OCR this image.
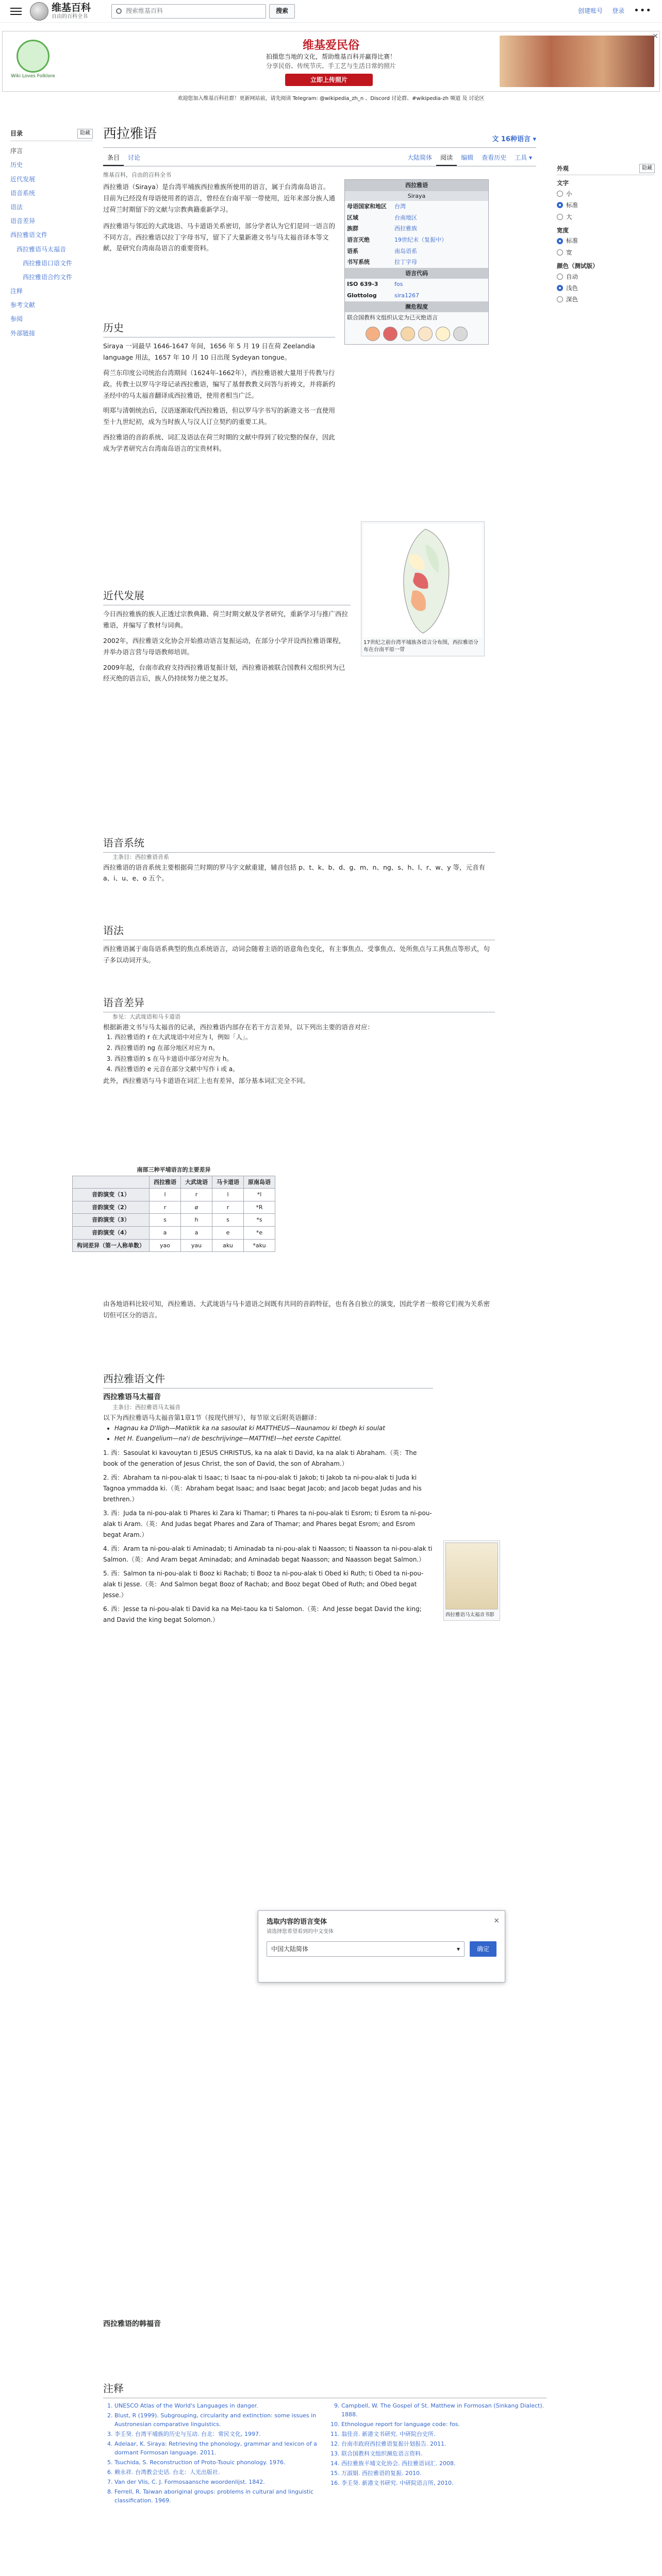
维基百科
自由的百科全书
搜索维基百科	搜索	创建账号 登录 •••
Wiki Loves Folklore
维基爱民俗
拍摄您当地的文化，帮助维基百科并赢得比赛！
分享民俗、传统节庆、手工艺与生活日常的照片
立即上传照片
×
欢迎您加入维基百科社群！更新网站前，请先阅读 Telegram: @wikipedia_zh_n 、Discord 讨论群、#wikipedia-zh 频道 及 讨论区
目录	隐藏
序言
历史
近代发展
语音系统
语法
语音差异
西拉雅语文件
西拉雅语马太福音
西拉雅语口语文件
西拉雅语合约文件
注释
参考文献
参阅
外部链接
西拉雅语	文 16种语言 ▾
条目	讨论	大陆简体	阅读	编辑	查看历史	工具 ▾
维基百科，自由的百科全书

西拉雅语（Siraya）是台湾平埔族西拉雅族所使用的语言，属于台湾南岛语言。目前为已经没有母语使用者的语言，曾经在台南平原一带使用，近年来部分族人通过荷兰时期留下的文献与宗教典籍重新学习。

西拉雅语与邻近的大武垅语、马卡道语关系密切，部分学者认为它们是同一语言的不同方言。西拉雅语以拉丁字母书写，留下了大量新港文书与马太福音译本等文献，是研究台湾南岛语言的重要资料。

西拉雅语
Siraya
母语国家和地区	台湾
区域	台南地区
族群	西拉雅族
语言灭绝	19世纪末（复振中）
语系	南岛语系
书写系统	拉丁字母
语言代码
ISO 639-3	fos
Glottolog	sira1267
濒危程度
联合国教科文组织认定为已灭绝语言
历史

Siraya 一词最早 1646-1647 年间，1656 年 5 月 19 日在荷 Zeelandia language 用法，1657 年 10 月 10 日出现 Sydeyan tongue。

荷兰东印度公司统治台湾期间（1624年-1662年），西拉雅语被大量用于传教与行政。传教士以罗马字母记录西拉雅语，编写了基督教教义问答与祈祷文，并将新约圣经中的马太福音翻译成西拉雅语，使用者相当广泛。

明郑与清朝统治后，汉语逐渐取代西拉雅语，但以罗马字书写的新港文书一直使用至十九世纪初，成为当时族人与汉人订立契约的重要工具。

西拉雅语的音韵系统、词汇及语法在荷兰时期的文献中得到了较完整的保存，因此成为学者研究古台湾南岛语言的宝贵材料。

17世纪之前台湾平埔族各语言分布图，西拉雅语分布在台南平原一带
近代发展

今日西拉雅族的族人正透过宗教典籍、荷兰时期文献及学者研究，重新学习与推广西拉雅语，并编写了教材与词典。

2002年，西拉雅语文化协会开始推动语言复振运动，在部分小学开设西拉雅语课程，并举办语言营与母语教师培训。

2009年起，台南市政府支持西拉雅语复振计划，西拉雅语被联合国教科文组织列为已经灭绝的语言后，族人仍持续努力使之复苏。

语音系统
主条目：西拉雅语音系

西拉雅语的语音系统主要根据荷兰时期的罗马字文献重建，辅音包括 p、t、k、b、d、g、m、n、ng、s、h、l、r、w、y 等，元音有 a、i、u、e、o 五个。

语法

西拉雅语属于南岛语系典型的焦点系统语言，动词会随着主语的语意角色变化，有主事焦点、受事焦点、处所焦点与工具焦点等形式，句子多以动词开头。

语音差异
参见：大武垅语和马卡道语

根据新港文书与马太福音的记录，西拉雅语内部存在若干方言差异，以下列出主要的语音对应：

1. 西拉雅语的 r 在大武垅语中对应为 l，例如「人」。
2. 西拉雅语的 ng 在部分地区对应为 n。
3. 西拉雅语的 s 在马卡道语中部分对应为 h。
4. 西拉雅语的 e 元音在部分文献中写作 i 或 a。

此外，西拉雅语与马卡道语在词汇上也有差异，部分基本词汇完全不同。

南部三种平埔语言的主要差异
	西拉雅语	大武垅语	马卡道语	原南岛语
音韵演变（1）	l	r	l	*l
音韵演变（2）	r	ø	r	*R
音韵演变（3）	s	h	s	*s
音韵演变（4）	a	a	e	*e
构词差异（第一人称单数）	yao	yau	aku	*aku

由各地语料比较可知，西拉雅语、大武垅语与马卡道语之间既有共同的音韵特征，也有各自独立的演变，因此学者一般将它们视为关系密切但可区分的语言。

西拉雅语文件
西拉雅语马太福音
主条目：西拉雅语马太福音

以下为西拉雅语马太福音第1章1节（按现代拼写），每节原文后附英语翻译：

• Hagnau ka D'lligh—Matiktik ka na sasoulat ki MATTHEUS—Naunamou ki tbegh ki soulat
• Het H. Euangelium—na'i de beschrijvinge—MATTHEI—het eerste Capittel.

1. 西：Sasoulat ki kavouytan ti JESUS CHRISTUS, ka na alak ti David, ka na alak ti Abraham.（英：The book of the generation of Jesus Christ, the son of David, the son of Abraham.）

2. 西：Abraham ta ni-pou-alak ti Isaac; ti Isaac ta ni-pou-alak ti Jakob; ti Jakob ta ni-pou-alak ti Juda ki Tagnoa ymmadda ki.（英：Abraham begat Isaac; and Isaac begat Jacob; and Jacob begat Judas and his brethren.）

3. 西：Juda ta ni-pou-alak ti Phares ki Zara ki Thamar; ti Phares ta ni-pou-alak ti Esrom; ti Esrom ta ni-pou-alak ti Aram.（英：And Judas begat Phares and Zara of Thamar; and Phares begat Esrom; and Esrom begat Aram.）

4. 西：Aram ta ni-pou-alak ti Aminadab; ti Aminadab ta ni-pou-alak ti Naasson; ti Naasson ta ni-pou-alak ti Salmon.（英：And Aram begat Aminadab; and Aminadab begat Naasson; and Naasson begat Salmon.）

5. 西：Salmon ta ni-pou-alak ti Booz ki Rachab; ti Booz ta ni-pou-alak ti Obed ki Ruth; ti Obed ta ni-pou-alak ti Jesse.（英：And Salmon begat Booz of Rachab; and Booz begat Obed of Ruth; and Obed begat Jesse.）

6. 西：Jesse ta ni-pou-alak ti David ka na Mei-taou ka ti Salomon.（英：And Jesse begat David the king; and David the king begat Solomon.）

西拉雅语马太福音书影
×
选取内容的语言变体
请选择您希望看到的中文变体
中国大陆简体	▾	确定
西拉雅语的韩福音
注释
1. UNESCO Atlas of the World's Languages in danger.
2. Blust, R (1999). Subgrouping, circularity and extinction: some issues in Austronesian comparative linguistics.
3. 李壬癸. 台湾平埔族的历史与互动. 台北：常民文化, 1997.
4. Adelaar, K. Siraya: Retrieving the phonology, grammar and lexicon of a dormant Formosan language. 2011.
5. Tsuchida, S. Reconstruction of Proto-Tsouic phonology. 1976.
6. 赖永祥. 台湾教会史话. 台北：人光出版社.
7. Van der Vlis, C. J. Formosaansche woordenlijst. 1842.
8. Ferrell, R. Taiwan aboriginal groups: problems in cultural and linguistic classification. 1969.
9. Campbell, W. The Gospel of St. Matthew in Formosan (Sinkang Dialect). 1888.
10. Ethnologue report for language code: fos.
11. 翁佳音. 新港文书研究. 中研院台史所.
12. 台南市政府西拉雅语复振计划报告. 2011.
13. 联合国教科文组织濒危语言资料.
14. 西拉雅族平埔文化协会. 西拉雅语词汇. 2008.
15. 万淑娟. 西拉雅语的复振. 2010.
16. 李壬癸. 新港文书研究. 中研院语言所, 2010.
外观	隐藏
文字
小
标准
大
宽度
标准
宽
颜色（测试版）
自动
浅色
深色
